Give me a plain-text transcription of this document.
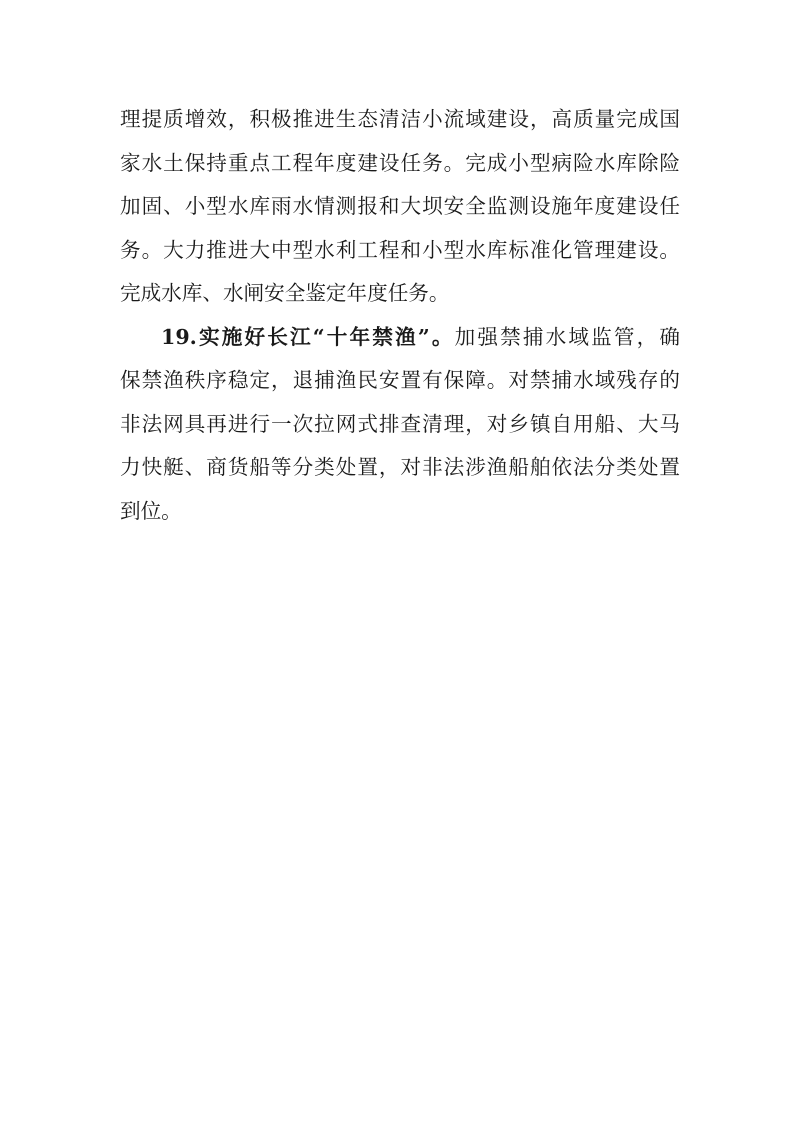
理提质增效，积极推进生态清洁小流域建设，高质量完成国
家水土保持重点工程年度建设任务。完成小型病险水库除险
加固、小型水库雨水情测报和大坝安全监测设施年度建设任
务。大力推进大中型水利工程和小型水库标准化管理建设。
完成水库、水闸安全鉴定年度任务。
19.实施好长江“十年禁渔”。加强禁捕水域监管，确
保禁渔秩序稳定，退捕渔民安置有保障。对禁捕水域残存的
非法网具再进行一次拉网式排查清理，对乡镇自用船、大马
力快艇、商货船等分类处置，对非法涉渔船舶依法分类处置
到位。
